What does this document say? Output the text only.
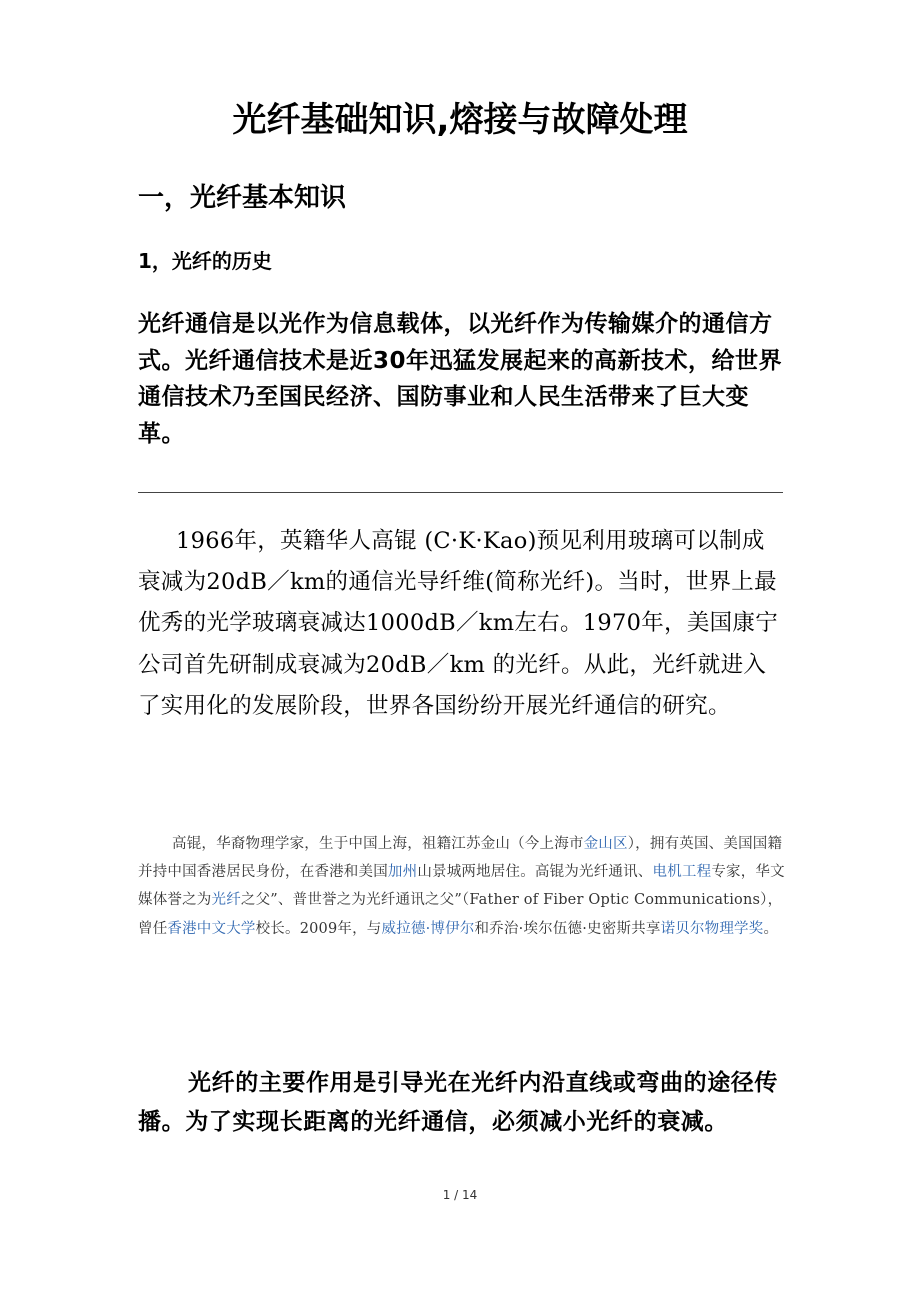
光纤基础知识,熔接与故障处理
一，光纤基本知识
1，光纤的历史

光纤通信是以光作为信息载体，以光纤作为传输媒介的通信方式。光纤通信技术是近30年迅猛发展起来的高新技术，给世界通信技术乃至国民经济、国防事业和人民生活带来了巨大变革。

1966年，英籍华人高锟 (C·K·Kao)预见利用玻璃可以制成衰减为20dB／km的通信光导纤维(简称光纤)。当时，世界上最优秀的光学玻璃衰减达1000dB／km左右。1970年，美国康宁公司首先研制成衰减为20dB／km 的光纤。从此，光纤就进入了实用化的发展阶段，世界各国纷纷开展光纤通信的研究。

高锟，华裔物理学家，生于中国上海，祖籍江苏金山（今上海市金山区），拥有英国、美国国籍并持中国香港居民身份，在香港和美国加州山景城两地居住。高锟为光纤通讯、电机工程专家，华文媒体誉之为光纤之父”、普世誉之为光纤通讯之父”（Father of Fiber Optic Communications），曾任香港中文大学校长。2009年，与威拉德·博伊尔和乔治·埃尔伍德·史密斯共享诺贝尔物理学奖。

光纤的主要作用是引导光在光纤内沿直线或弯曲的途径传播。为了实现长距离的光纤通信，必须减小光纤的衰减。

1 / 14
